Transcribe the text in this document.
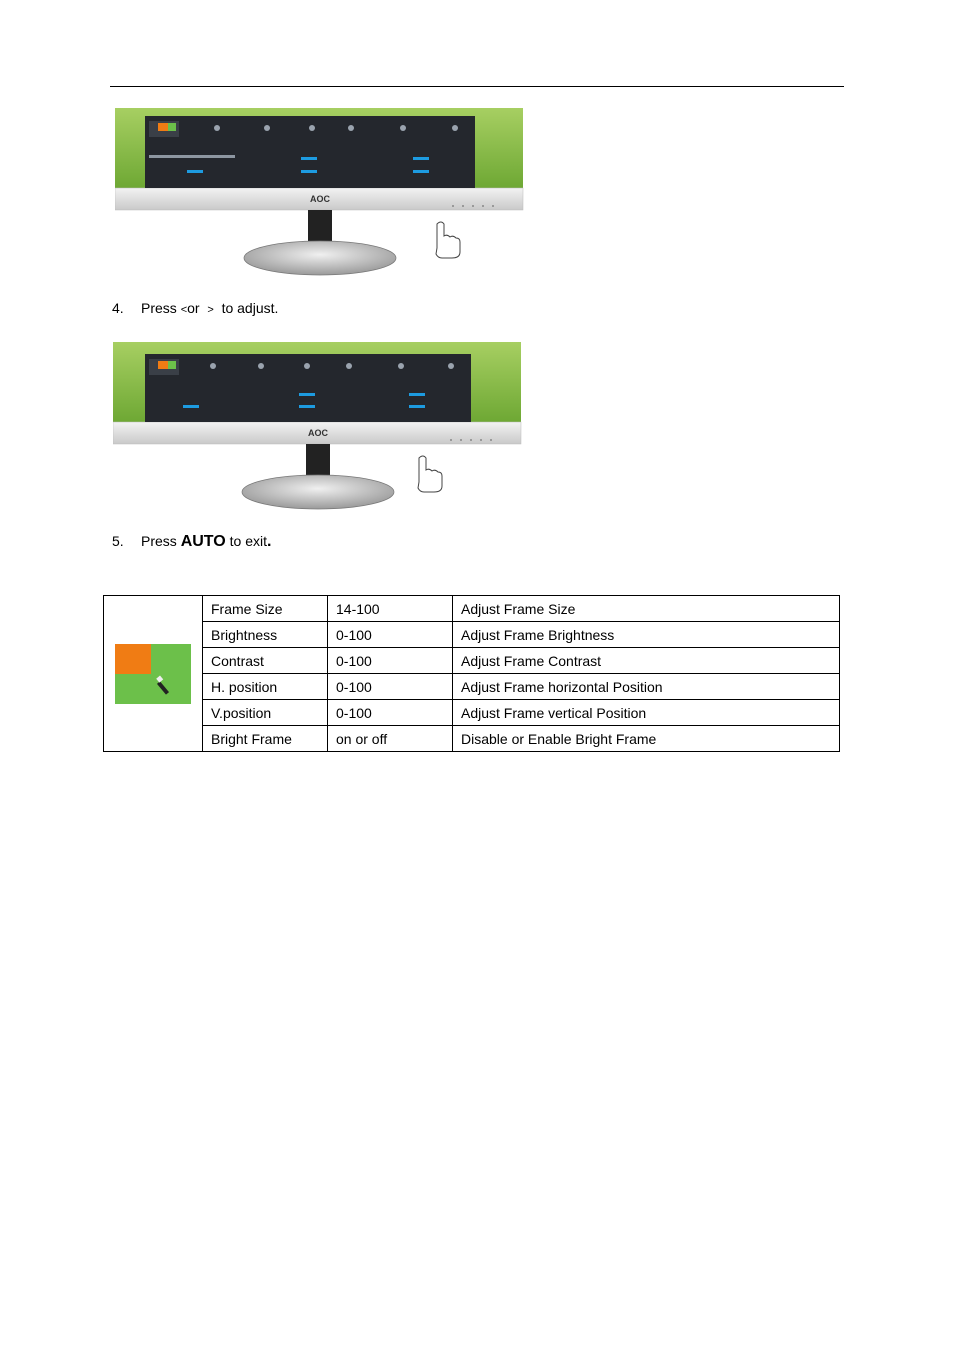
AOC
4. Press <or > to adjust.
AOC
5. Press AUTO to exit.
	Frame Size	14-100	Adjust Frame Size
	Brightness	0-100	Adjust Frame Brightness
	Contrast	0-100	Adjust Frame Contrast
	H. position	0-100	Adjust Frame horizontal Position
	V.position	0-100	Adjust Frame vertical Position
	Bright Frame	on or off	Disable or Enable Bright Frame
